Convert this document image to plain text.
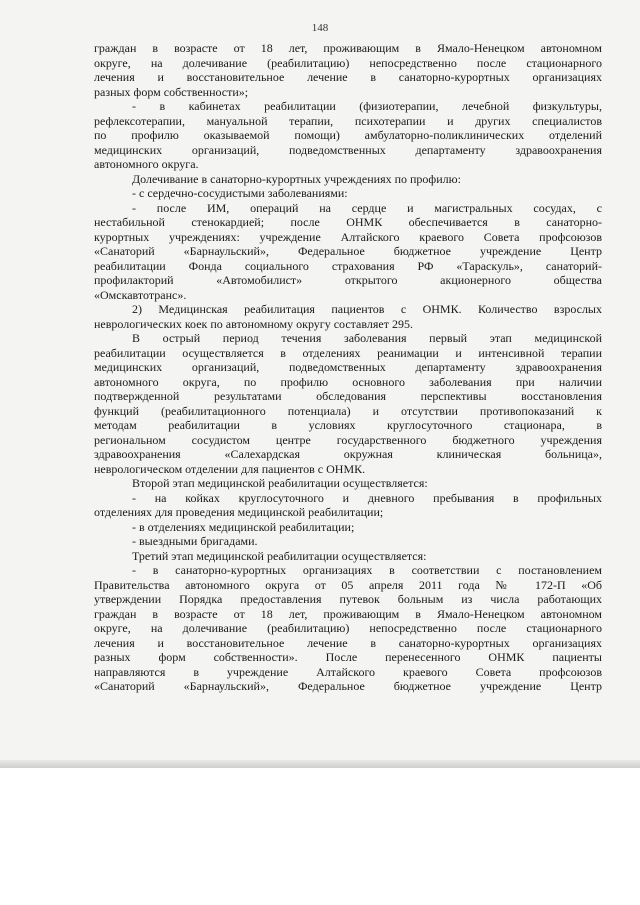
148

граждан в возрасте от 18 лет, проживающим в Ямало-Ненецком автономном

округе, на долечивание (реабилитацию) непосредственно после стационарного

лечения и восстановительное лечение в санаторно-курортных организациях

разных форм собственности»;

- в кабинетах реабилитации (физиотерапии, лечебной физкультуры,

рефлексотерапии, мануальной терапии, психотерапии и других специалистов

по профилю оказываемой помощи) амбулаторно-поликлинических отделений

медицинских организаций, подведомственных департаменту здравоохранения

автономного округа.

Долечивание в санаторно-курортных учреждениях по профилю:

- с сердечно-сосудистыми заболеваниями:

- после ИМ, операций на сердце и магистральных сосудах, с

нестабильной стенокардией; после ОНМК обеспечивается в санаторно-

курортных учреждениях: учреждение Алтайского краевого Совета профсоюзов

«Санаторий «Барнаульский», Федеральное бюджетное учреждение Центр

реабилитации Фонда социального страхования РФ «Тараскуль», санаторий-

профилакторий «Автомобилист» открытого акционерного общества

«Омскавтотранс».

2) Медицинская реабилитация пациентов с ОНМК. Количество взрослых

неврологических коек по автономному округу составляет 295.

В острый период течения заболевания первый этап медицинской

реабилитации осуществляется в отделениях реанимации и интенсивной терапии

медицинских организаций, подведомственных департаменту здравоохранения

автономного округа, по профилю основного заболевания при наличии

подтвержденной результатами обследования перспективы восстановления

функций (реабилитационного потенциала) и отсутствии противопоказаний к

методам реабилитации в условиях круглосуточного стационара, в

региональном сосудистом центре государственного бюджетного учреждения

здравоохранения «Салехардская окружная клиническая больница»,

неврологическом отделении для пациентов с ОНМК.

Второй этап медицинской реабилитации осуществляется:

- на койках круглосуточного и дневного пребывания в профильных

отделениях для проведения медицинской реабилитации;

- в отделениях медицинской реабилитации;

- выездными бригадами.

Третий этап медицинской реабилитации осуществляется:

- в санаторно-курортных организациях в соответствии с постановлением

Правительства автономного округа от 05 апреля 2011 года № 172-П «Об

утверждении Порядка предоставления путевок больным из числа работающих

граждан в возрасте от 18 лет, проживающим в Ямало-Ненецком автономном

округе, на долечивание (реабилитацию) непосредственно после стационарного

лечения и восстановительное лечение в санаторно-курортных организациях

разных форм собственности». После перенесенного ОНМК пациенты

направляются в учреждение Алтайского краевого Совета профсоюзов

«Санаторий «Барнаульский», Федеральное бюджетное учреждение Центр
